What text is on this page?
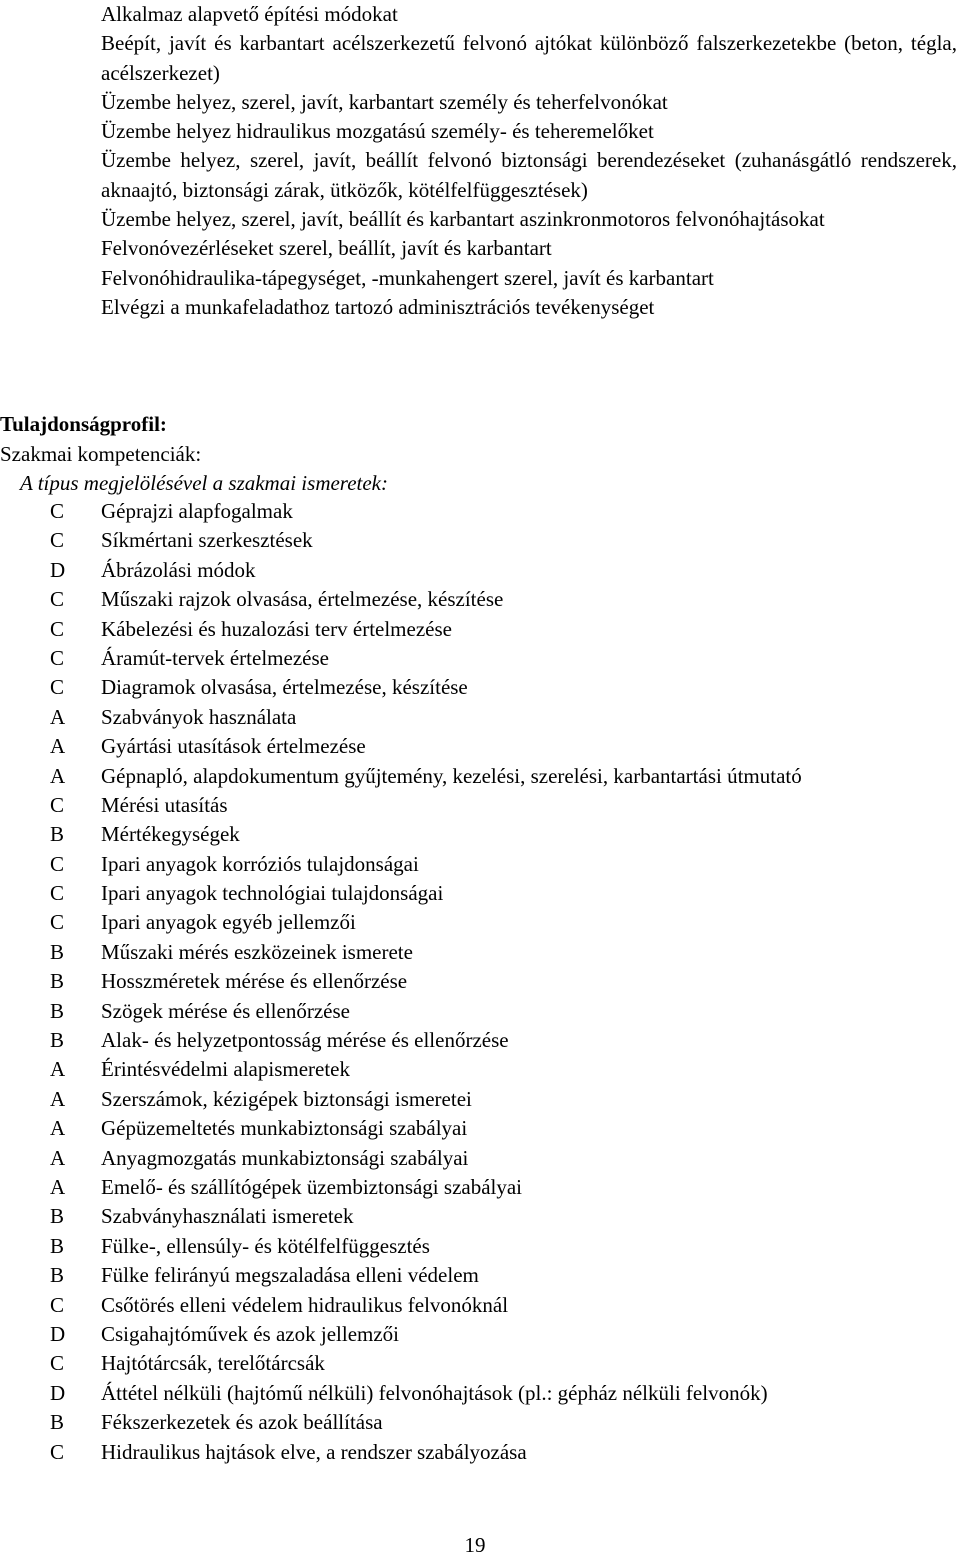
Alkalmaz alapvető építési módokat
Beépít, javít és karbantart acélszerkezetű felvonó ajtókat különböző falszerkezetekbe (beton, tégla, acélszerkezet)
Üzembe helyez, szerel, javít, karbantart személy és teherfelvonókat
Üzembe helyez hidraulikus mozgatású személy- és teheremelőket
Üzembe helyez, szerel, javít, beállít felvonó biztonsági berendezéseket (zuhanásgátló rendszerek, aknaajtó, biztonsági zárak, ütközők, kötélfelfüggesztések)
Üzembe helyez, szerel, javít, beállít és karbantart aszinkronmotoros felvonóhajtásokat
Felvonóvezérléseket szerel, beállít, javít és karbantart
Felvonóhidraulika-tápegységet, -munkahengert szerel, javít és karbantart
Elvégzi a munkafeladathoz tartozó adminisztrációs tevékenységet
Tulajdonságprofil:
Szakmai kompetenciák:
A típus megjelölésével a szakmai ismeretek:
C	Géprajzi alapfogalmak
C	Síkmértani szerkesztések
D	Ábrázolási módok
C	Műszaki rajzok olvasása, értelmezése, készítése
C	Kábelezési és huzalozási terv értelmezése
C	Áramút-tervek értelmezése
C	Diagramok olvasása, értelmezése, készítése
A	Szabványok használata
A	Gyártási utasítások értelmezése
A	Gépnapló, alapdokumentum gyűjtemény, kezelési, szerelési, karbantartási útmutató
C	Mérési utasítás
B	Mértékegységek
C	Ipari anyagok korróziós tulajdonságai
C	Ipari anyagok technológiai tulajdonságai
C	Ipari anyagok egyéb jellemzői
B	Műszaki mérés eszközeinek ismerete
B	Hosszméretek mérése és ellenőrzése
B	Szögek mérése és ellenőrzése
B	Alak- és helyzetpontosság mérése és ellenőrzése
A	Érintésvédelmi alapismeretek
A	Szerszámok, kézigépek biztonsági ismeretei
A	Gépüzemeltetés munkabiztonsági szabályai
A	Anyagmozgatás munkabiztonsági szabályai
A	Emelő- és szállítógépek üzembiztonsági szabályai
B	Szabványhasználati ismeretek
B	Fülke-, ellensúly- és kötélfelfüggesztés
B	Fülke felirányú megszaladása elleni védelem
C	Csőtörés elleni védelem hidraulikus felvonóknál
D	Csigahajtóművek és azok jellemzői
C	Hajtótárcsák, terelőtárcsák
D	Áttétel nélküli (hajtómű nélküli) felvonóhajtások (pl.: gépház nélküli felvonók)
B	Fékszerkezetek és azok beállítása
C	Hidraulikus hajtások elve, a rendszer szabályozása
19
